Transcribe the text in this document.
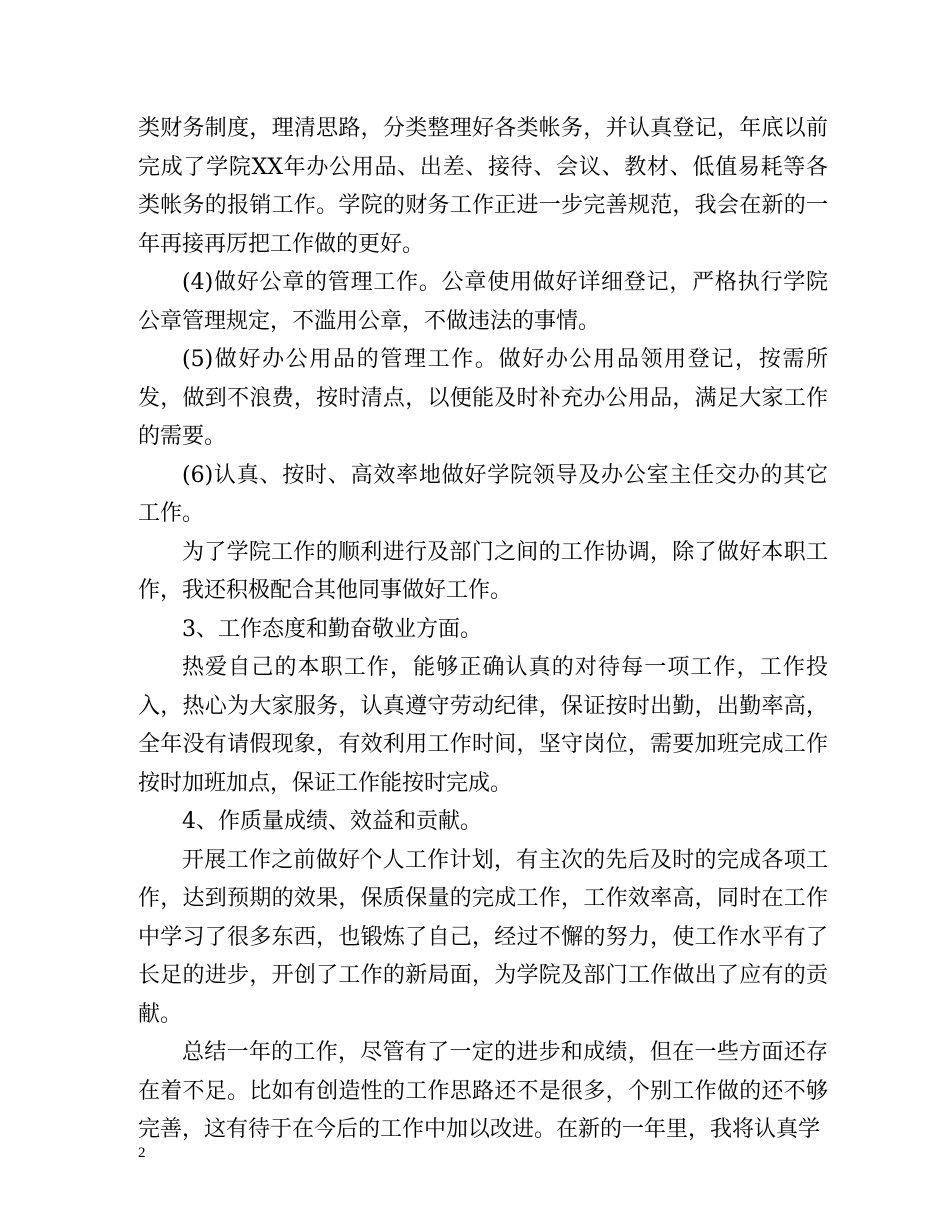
类财务制度，理清思路，分类整理好各类帐务，并认真登记，年底以前完成了学院XX年办公用品、出差、接待、会议、教材、低值易耗等各类帐务的报销工作。学院的财务工作正进一步完善规范，我会在新的一年再接再厉把工作做的更好。

(4)做好公章的管理工作。公章使用做好详细登记，严格执行学院公章管理规定，不滥用公章，不做违法的事情。

(5)做好办公用品的管理工作。做好办公用品领用登记，按需所发，做到不浪费，按时清点，以便能及时补充办公用品，满足大家工作的需要。

(6)认真、按时、高效率地做好学院领导及办公室主任交办的其它工作。

为了学院工作的顺利进行及部门之间的工作协调，除了做好本职工作，我还积极配合其他同事做好工作。

3、工作态度和勤奋敬业方面。

热爱自己的本职工作，能够正确认真的对待每一项工作，工作投入，热心为大家服务，认真遵守劳动纪律，保证按时出勤，出勤率高，全年没有请假现象，有效利用工作时间，坚守岗位，需要加班完成工作按时加班加点，保证工作能按时完成。

4、作质量成绩、效益和贡献。

开展工作之前做好个人工作计划，有主次的先后及时的完成各项工作，达到预期的效果，保质保量的完成工作，工作效率高，同时在工作中学习了很多东西，也锻炼了自己，经过不懈的努力，使工作水平有了长足的进步，开创了工作的新局面，为学院及部门工作做出了应有的贡献。

总结一年的工作，尽管有了一定的进步和成绩，但在一些方面还存在着不足。比如有创造性的工作思路还不是很多，个别工作做的还不够完善，这有待于在今后的工作中加以改进。在新的一年里，我将认真学

2
